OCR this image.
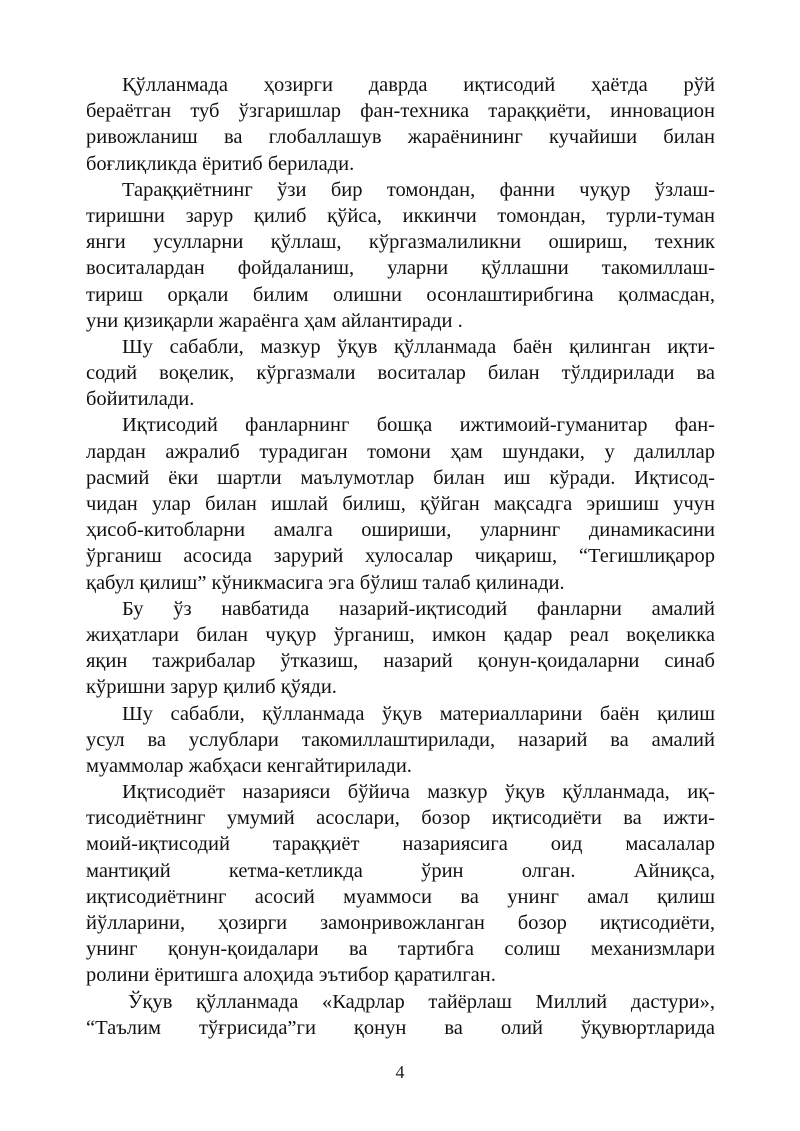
Қўлланмада ҳозирги даврда иқтисодий ҳаётда рўй
бераётган туб ўзгаришлар фан-техника тараққиёти, инновацион
ривожланиш ва глобаллашув жараёнининг кучайиши билан
боғлиқликда ёритиб берилади.
Тараққиётнинг ўзи бир томондан, фанни чуқур ўзлаш-
тиришни зарур қилиб қўйса, иккинчи томондан, турли-туман
янги усулларни қўллаш, кўргазмалиликни ошириш, техник
воситалардан фойдаланиш, уларни қўллашни такомиллаш-
тириш орқали билим олишни осонлаштирибгина қолмасдан,
уни қизиқарли жараёнга ҳам айлантиради .
Шу сабабли, мазкур ўқув қўлланмада баён қилинган иқти-
содий воқелик, кўргазмали воситалар билан тўлдирилади ва
бойитилади.
Иқтисодий фанларнинг бошқа ижтимоий-гуманитар фан-
лардан ажралиб турадиган томони ҳам шундаки, у далиллар
расмий ёки шартли маълумотлар билан иш кўради. Иқтисод-
чидан улар билан ишлай билиш, қўйган мақсадга эришиш учун
ҳисоб-китобларни амалга ошириши, уларнинг динамикасини
ўрганиш асосида зарурий хулосалар чиқариш, “Тегишлиқарор
қабул қилиш” кўникмасига эга бўлиш талаб қилинади.
Бу ўз навбатида назарий-иқтисодий фанларни амалий
жиҳатлари билан чуқур ўрганиш, имкон қадар реал воқеликка
яқин тажрибалар ўтказиш, назарий қонун-қоидаларни синаб
кўришни зарур қилиб қўяди.
Шу сабабли, қўлланмада ўқув материалларини баён қилиш
усул ва услублари такомиллаштирилади, назарий ва амалий
муаммолар жабҳаси кенгайтирилади.
Иқтисодиёт назарияси бўйича мазкур ўқув қўлланмада, иқ-
тисодиётнинг умумий асослари, бозор иқтисодиёти ва ижти-
моий-иқтисодий тараққиёт назариясига оид масалалар
мантиқий кетма-кетликда ўрин олган. Айниқса,
иқтисодиётнинг асосий муаммоси ва унинг амал қилиш
йўлларини, ҳозирги замонривожланган бозор иқтисодиёти,
унинг қонун-қоидалари ва тартибга солиш механизмлари
ролини ёритишга алоҳида эътибор қаратилган.
Ўқув қўлланмада «Кадрлар тайёрлаш Миллий дастури»,
“Таълим тўғрисида”ги қонун ва олий ўқувюртларида
4
